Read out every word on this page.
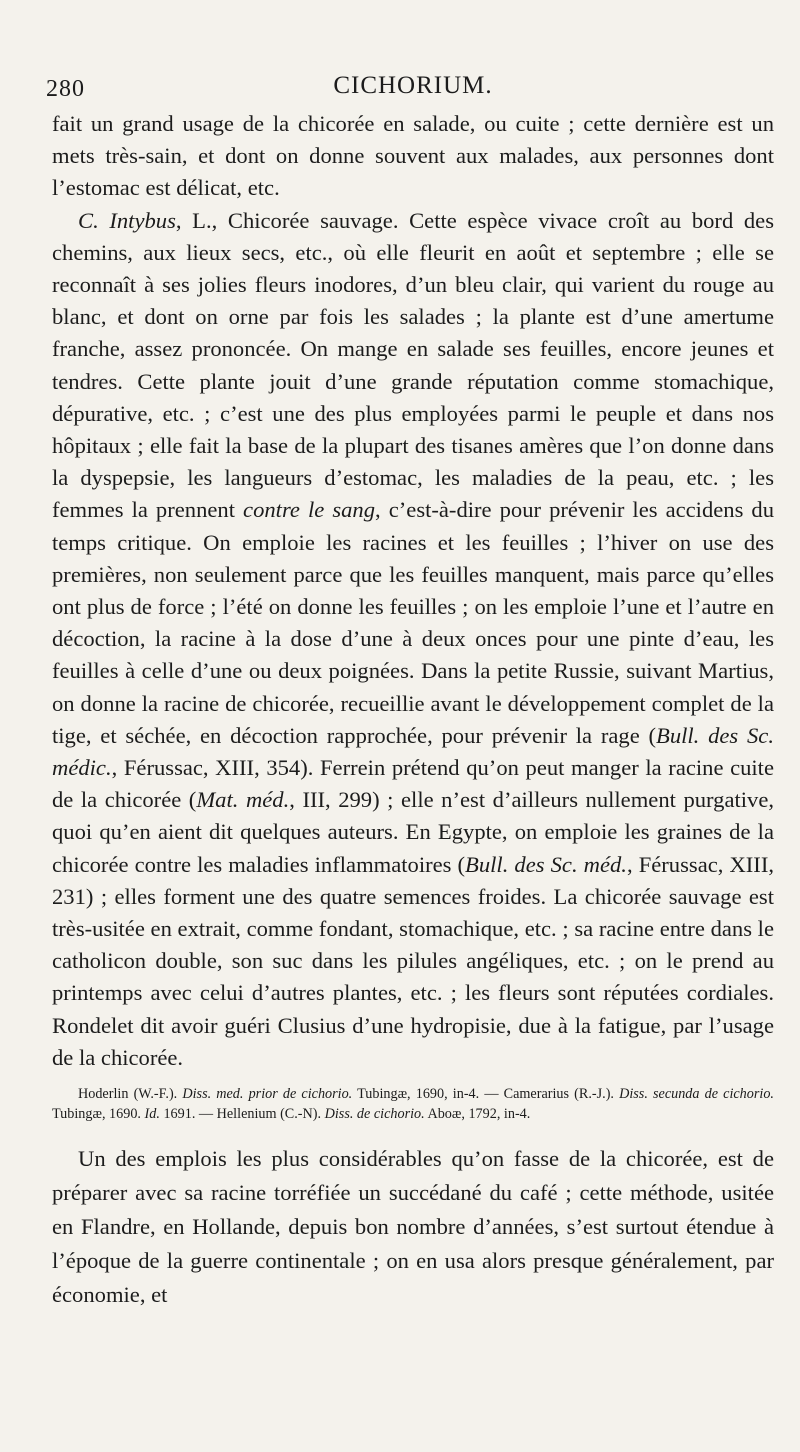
280	CICHORIUM.

fait un grand usage de la chicorée en salade, ou cuite ; cette dernière est un mets très-sain, et dont on donne souvent aux malades, aux personnes dont l’estomac est délicat, etc.

C. Intybus, L., Chicorée sauvage. Cette espèce vivace croît au bord des chemins, aux lieux secs, etc., où elle fleurit en août et septembre ; elle se reconnaît à ses jolies fleurs inodores, d’un bleu clair, qui varient du rouge au blanc, et dont on orne par fois les salades ; la plante est d’une amertume franche, assez prononcée. On mange en salade ses feuilles, encore jeunes et tendres. Cette plante jouit d’une grande réputation comme stomachique, dépurative, etc. ; c’est une des plus employées parmi le peuple et dans nos hôpitaux ; elle fait la base de la plupart des tisanes amères que l’on donne dans la dyspepsie, les langueurs d’estomac, les maladies de la peau, etc. ; les femmes la prennent contre le sang, c’est-à-dire pour prévenir les accidens du temps critique. On emploie les racines et les feuilles ; l’hiver on use des premières, non seulement parce que les feuilles manquent, mais parce qu’elles ont plus de force ; l’été on donne les feuilles ; on les emploie l’une et l’autre en décoction, la racine à la dose d’une à deux onces pour une pinte d’eau, les feuilles à celle d’une ou deux poignées. Dans la petite Russie, suivant Martius, on donne la racine de chicorée, recueillie avant le développement complet de la tige, et séchée, en décoction rapprochée, pour prévenir la rage (Bull. des Sc. médic., Férussac, XIII, 354). Ferrein prétend qu’on peut manger la racine cuite de la chicorée (Mat. méd., III, 299) ; elle n’est d’ailleurs nullement purgative, quoi qu’en aient dit quelques auteurs. En Egypte, on emploie les graines de la chicorée contre les maladies inflammatoires (Bull. des Sc. méd., Férussac, XIII, 231) ; elles forment une des quatre semences froides. La chicorée sauvage est très-usitée en extrait, comme fondant, stomachique, etc. ; sa racine entre dans le catholicon double, son suc dans les pilules angéliques, etc. ; on le prend au printemps avec celui d’autres plantes, etc. ; les fleurs sont réputées cordiales. Rondelet dit avoir guéri Clusius d’une hydropisie, due à la fatigue, par l’usage de la chicorée.

Hoderlin (W.-F.). Diss. med. prior de cichorio. Tubingæ, 1690, in-4. — Camerarius (R.-J.). Diss. secunda de cichorio. Tubingæ, 1690. Id. 1691. — Hellenium (C.-N). Diss. de cichorio. Aboæ, 1792, in-4.

Un des emplois les plus considérables qu’on fasse de la chicorée, est de préparer avec sa racine torréfiée un succédané du café ; cette méthode, usitée en Flandre, en Hollande, depuis bon nombre d’années, s’est surtout étendue à l’époque de la guerre continentale ; on en usa alors presque généralement, par économie, et
